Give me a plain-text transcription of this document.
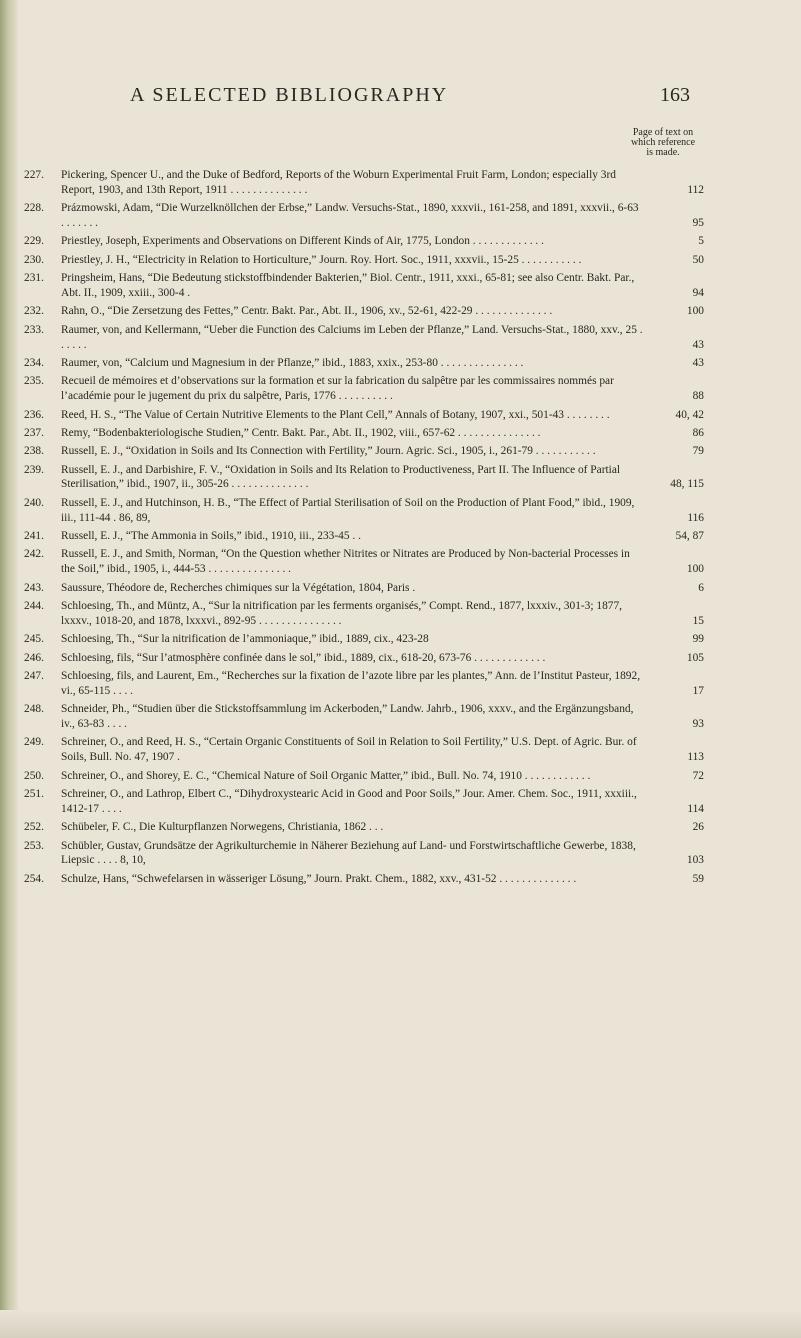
A SELECTED BIBLIOGRAPHY	163
Page of text on which reference is made.
227.	Pickering, Spencer U., and the Duke of Bedford, Reports of the Woburn Experimental Fruit Farm, London; especially 3rd Report, 1903, and 13th Report, 1911 . . . . . . . . . . . . . .	112
228.	Prázmowski, Adam, “Die Wurzelknöllchen der Erbse,” Landw. Versuchs-Stat., 1890, xxxvii., 161-258, and 1891, xxxvii., 6-63 . . . . . . .	95
229.	Priestley, Joseph, Experiments and Observations on Different Kinds of Air, 1775, London . . . . . . . . . . . . .	5
230.	Priestley, J. H., “Electricity in Relation to Horticulture,” Journ. Roy. Hort. Soc., 1911, xxxvii., 15-25 . . . . . . . . . . .	50
231.	Pringsheim, Hans, “Die Bedeutung stickstoffbindender Bakterien,” Biol. Centr., 1911, xxxi., 65-81; see also Centr. Bakt. Par., Abt. II., 1909, xxiii., 300-4 .	94
232.	Rahn, O., “Die Zersetzung des Fettes,” Centr. Bakt. Par., Abt. II., 1906, xv., 52-61, 422-29 . . . . . . . . . . . . . .	100
233.	Raumer, von, and Kellermann, “Ueber die Function des Calciums im Leben der Pflanze,” Land. Versuchs-Stat., 1880, xxv., 25 . . . . . .	43
234.	Raumer, von, “Calcium und Magnesium in der Pflanze,” ibid., 1883, xxix., 253-80 . . . . . . . . . . . . . . .	43
235.	Recueil de mémoires et d’observations sur la formation et sur la fabrication du salpêtre par les commissaires nommés par l’académie pour le jugement du prix du salpêtre, Paris, 1776 . . . . . . . . . .	88
236.	Reed, H. S., “The Value of Certain Nutritive Elements to the Plant Cell,” Annals of Botany, 1907, xxi., 501-43 . . . . . . . .	40, 42
237.	Remy, “Bodenbakteriologische Studien,” Centr. Bakt. Par., Abt. II., 1902, viii., 657-62 . . . . . . . . . . . . . . .	86
238.	Russell, E. J., “Oxidation in Soils and Its Connection with Fertility,” Journ. Agric. Sci., 1905, i., 261-79 . . . . . . . . . . .	79
239.	Russell, E. J., and Darbishire, F. V., “Oxidation in Soils and Its Relation to Productiveness, Part II. The Influence of Partial Sterilisation,” ibid., 1907, ii., 305-26 . . . . . . . . . . . . . .	48, 115
240.	Russell, E. J., and Hutchinson, H. B., “The Effect of Partial Sterilisation of Soil on the Production of Plant Food,” ibid., 1909, iii., 111-44 . 86, 89,	116
241.	Russell, E. J., “The Ammonia in Soils,” ibid., 1910, iii., 233-45 . .	54, 87
242.	Russell, E. J., and Smith, Norman, “On the Question whether Nitrites or Nitrates are Produced by Non-bacterial Processes in the Soil,” ibid., 1905, i., 444-53 . . . . . . . . . . . . . . .	100
243.	Saussure, Théodore de, Recherches chimiques sur la Végétation, 1804, Paris .	6
244.	Schloesing, Th., and Müntz, A., “Sur la nitrification par les ferments organisés,” Compt. Rend., 1877, lxxxiv., 301-3; 1877, lxxxv., 1018-20, and 1878, lxxxvi., 892-95 . . . . . . . . . . . . . . .	15
245.	Schloesing, Th., “Sur la nitrification de l’ammoniaque,” ibid., 1889, cix., 423-28	99
246.	Schloesing, fils, “Sur l’atmosphère confinée dans le sol,” ibid., 1889, cix., 618-20, 673-76 . . . . . . . . . . . . .	105
247.	Schloesing, fils, and Laurent, Em., “Recherches sur la fixation de l’azote libre par les plantes,” Ann. de l’Institut Pasteur, 1892, vi., 65-115 . . . .	17
248.	Schneider, Ph., “Studien über die Stickstoffsammlung im Ackerboden,” Landw. Jahrb., 1906, xxxv., and the Ergänzungsband, iv., 63-83 . . . .	93
249.	Schreiner, O., and Reed, H. S., “Certain Organic Constituents of Soil in Relation to Soil Fertility,” U.S. Dept. of Agric. Bur. of Soils, Bull. No. 47, 1907 .	113
250.	Schreiner, O., and Shorey, E. C., “Chemical Nature of Soil Organic Matter,” ibid., Bull. No. 74, 1910 . . . . . . . . . . . .	72
251.	Schreiner, O., and Lathrop, Elbert C., “Dihydroxystearic Acid in Good and Poor Soils,” Jour. Amer. Chem. Soc., 1911, xxxiii., 1412-17 . . . .	114
252.	Schübeler, F. C., Die Kulturpflanzen Norwegens, Christiania, 1862 . . .	26
253.	Schübler, Gustav, Grundsätze der Agrikulturchemie in Näherer Beziehung auf Land- und Forstwirtschaftliche Gewerbe, 1838, Liepsic . . . . 8, 10,	103
254.	Schulze, Hans, “Schwefelarsen in wässeriger Lösung,” Journ. Prakt. Chem., 1882, xxv., 431-52 . . . . . . . . . . . . . .	59
